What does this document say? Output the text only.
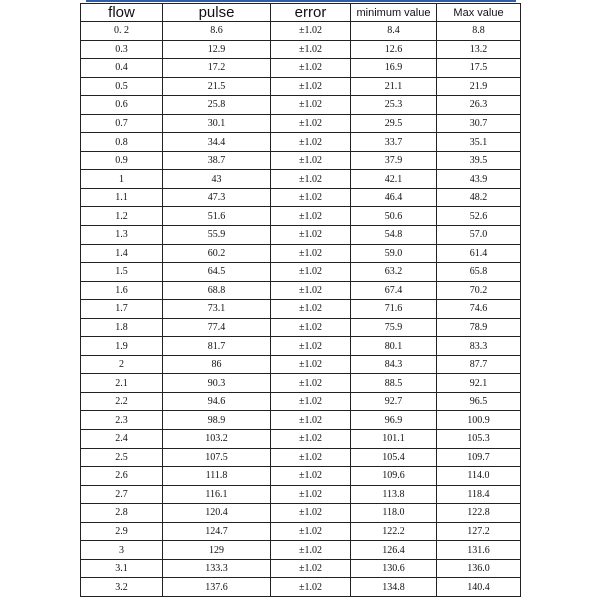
flow	pulse	error	minimum value	Max value
0. 2	8.6	±1.02	8.4	8.8
0.3	12.9	±1.02	12.6	13.2
0.4	17.2	±1.02	16.9	17.5
0.5	21.5	±1.02	21.1	21.9
0.6	25.8	±1.02	25.3	26.3
0.7	30.1	±1.02	29.5	30.7
0.8	34.4	±1.02	33.7	35.1
0.9	38.7	±1.02	37.9	39.5
1	43	±1.02	42.1	43.9
1.1	47.3	±1.02	46.4	48.2
1.2	51.6	±1.02	50.6	52.6
1.3	55.9	±1.02	54.8	57.0
1.4	60.2	±1.02	59.0	61.4
1.5	64.5	±1.02	63.2	65.8
1.6	68.8	±1.02	67.4	70.2
1.7	73.1	±1.02	71.6	74.6
1.8	77.4	±1.02	75.9	78.9
1.9	81.7	±1.02	80.1	83.3
2	86	±1.02	84.3	87.7
2.1	90.3	±1.02	88.5	92.1
2.2	94.6	±1.02	92.7	96.5
2.3	98.9	±1.02	96.9	100.9
2.4	103.2	±1.02	101.1	105.3
2.5	107.5	±1.02	105.4	109.7
2.6	111.8	±1.02	109.6	114.0
2.7	116.1	±1.02	113.8	118.4
2.8	120.4	±1.02	118.0	122.8
2.9	124.7	±1.02	122.2	127.2
3	129	±1.02	126.4	131.6
3.1	133.3	±1.02	130.6	136.0
3.2	137.6	±1.02	134.8	140.4
